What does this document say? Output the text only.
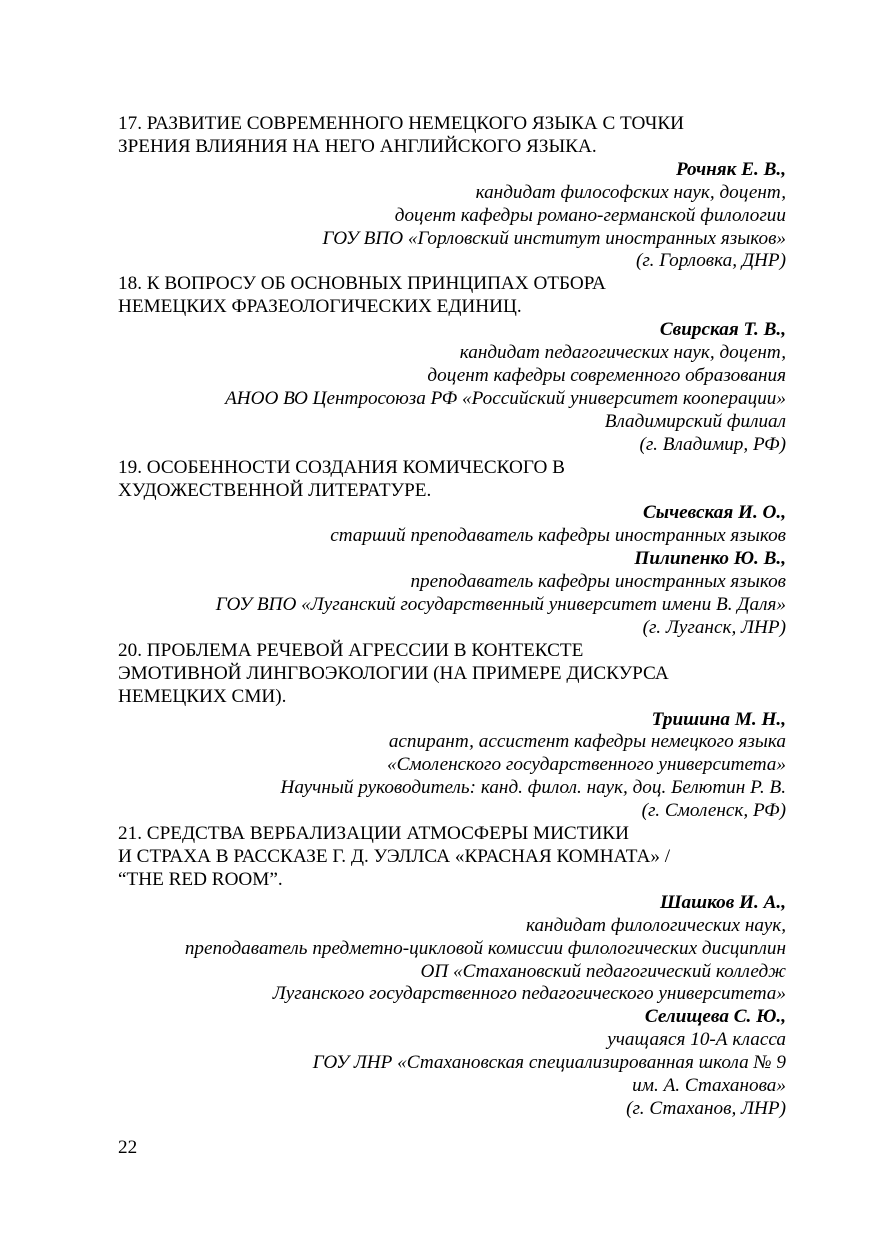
17. РАЗВИТИЕ СОВРЕМЕННОГО НЕМЕЦКОГО ЯЗЫКА С ТОЧКИ
ЗРЕНИЯ ВЛИЯНИЯ НА НЕГО АНГЛИЙСКОГО ЯЗЫКА.

Рочняк Е. В.,

кандидат философских наук, доцент,

доцент кафедры романо-германской филологии

ГОУ ВПО «Горловский институт иностранных языков»

(г. Горловка, ДНР)

18. К ВОПРОСУ ОБ ОСНОВНЫХ ПРИНЦИПАХ ОТБОРА
НЕМЕЦКИХ ФРАЗЕОЛОГИЧЕСКИХ ЕДИНИЦ.

Свирская Т. В.,

кандидат педагогических наук, доцент,

доцент кафедры современного образования

АНОО ВО Центросоюза РФ «Российский университет кооперации»

Владимирский филиал

(г. Владимир, РФ)

19. ОСОБЕННОСТИ СОЗДАНИЯ КОМИЧЕСКОГО В
ХУДОЖЕСТВЕННОЙ ЛИТЕРАТУРЕ.

Сычевская И. О.,

старший преподаватель кафедры иностранных языков

Пилипенко Ю. В.,

преподаватель кафедры иностранных языков

ГОУ ВПО «Луганский государственный университет имени В. Даля»

(г. Луганск, ЛНР)

20. ПРОБЛЕМА РЕЧЕВОЙ АГРЕССИИ В КОНТЕКСТЕ
ЭМОТИВНОЙ ЛИНГВОЭКОЛОГИИ (НА ПРИМЕРЕ ДИСКУРСА
НЕМЕЦКИХ СМИ).

Тришина М. Н.,

аспирант, ассистент кафедры немецкого языка

«Смоленского государственного университета»

Научный руководитель: канд. филол. наук, доц. Белютин Р. В.

(г. Смоленск, РФ)

21. СРЕДСТВА ВЕРБАЛИЗАЦИИ АТМОСФЕРЫ МИСТИКИ
И СТРАХА В РАССКАЗЕ Г. Д. УЭЛЛСА «КРАСНАЯ КОМНАТА» /
“THE RED ROOM”.

Шашков И. А.,

кандидат филологических наук,

преподаватель предметно-цикловой комиссии филологических дисциплин

ОП «Стахановский педагогический колледж

Луганского государственного педагогического университета»

Селищева С. Ю.,

учащаяся 10-А класса

ГОУ ЛНР «Стахановская специализированная школа № 9

им. А. Стаханова»

(г. Стаханов, ЛНР)

22
